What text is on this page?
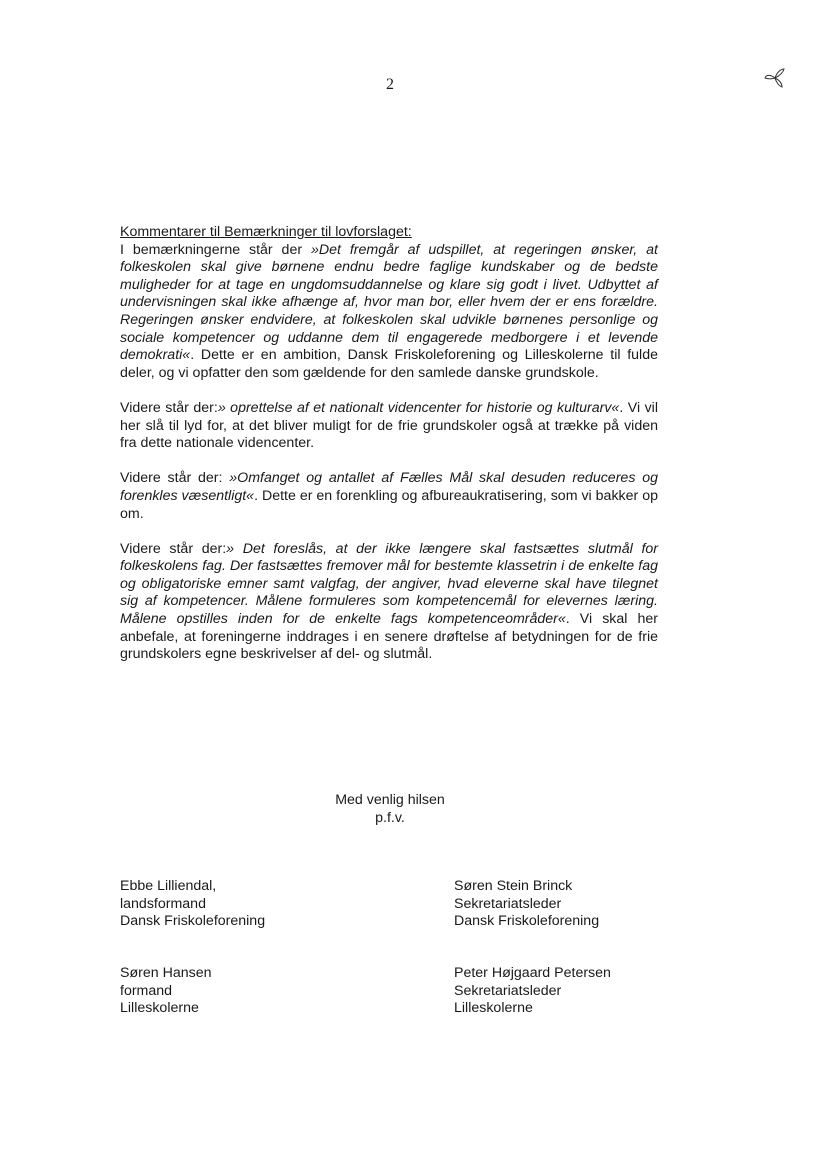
2
Kommentarer til Bemærkninger til lovforslaget:

I bemærkningerne står der »Det fremgår af udspillet, at regeringen ønsker, at folkeskolen skal give børnene endnu bedre faglige kundskaber og de bedste muligheder for at tage en ungdomsuddannelse og klare sig godt i livet. Udbyttet af undervisningen skal ikke afhænge af, hvor man bor, eller hvem der er ens forældre. Regeringen ønsker endvidere, at folkeskolen skal udvikle børnenes personlige og sociale kompetencer og uddanne dem til engagerede medborgere i et levende demokrati«. Dette er en ambition, Dansk Friskoleforening og Lilleskolerne til fulde deler, og vi opfatter den som gældende for den samlede danske grundskole.

Videre står der:» oprettelse af et nationalt videncenter for historie og kulturarv«. Vi vil her slå til lyd for, at det bliver muligt for de frie grundskoler også at trække på viden fra dette nationale videncenter.

Videre står der: »Omfanget og antallet af Fælles Mål skal desuden reduceres og forenkles væsentligt«. Dette er en forenkling og afbureaukratisering, som vi bakker op om.

Videre står der:» Det foreslås, at der ikke længere skal fastsættes slutmål for folkeskolens fag. Der fastsættes fremover mål for bestemte klassetrin i de enkelte fag og obligatoriske emner samt valgfag, der angiver, hvad eleverne skal have tilegnet sig af kompetencer. Målene formuleres som kompetencemål for elevernes læring. Målene opstilles inden for de enkelte fags kompetenceområder«. Vi skal her anbefale, at foreningerne inddrages i en senere drøftelse af betydningen for de frie grundskolers egne beskrivelser af del- og slutmål.

Med venlig hilsen
p.f.v.
Ebbe Lilliendal,
landsformand
Dansk Friskoleforening
Søren Stein Brinck
Sekretariatsleder
Dansk Friskoleforening
Søren Hansen
formand
Lilleskolerne
Peter Højgaard Petersen
Sekretariatsleder
Lilleskolerne
